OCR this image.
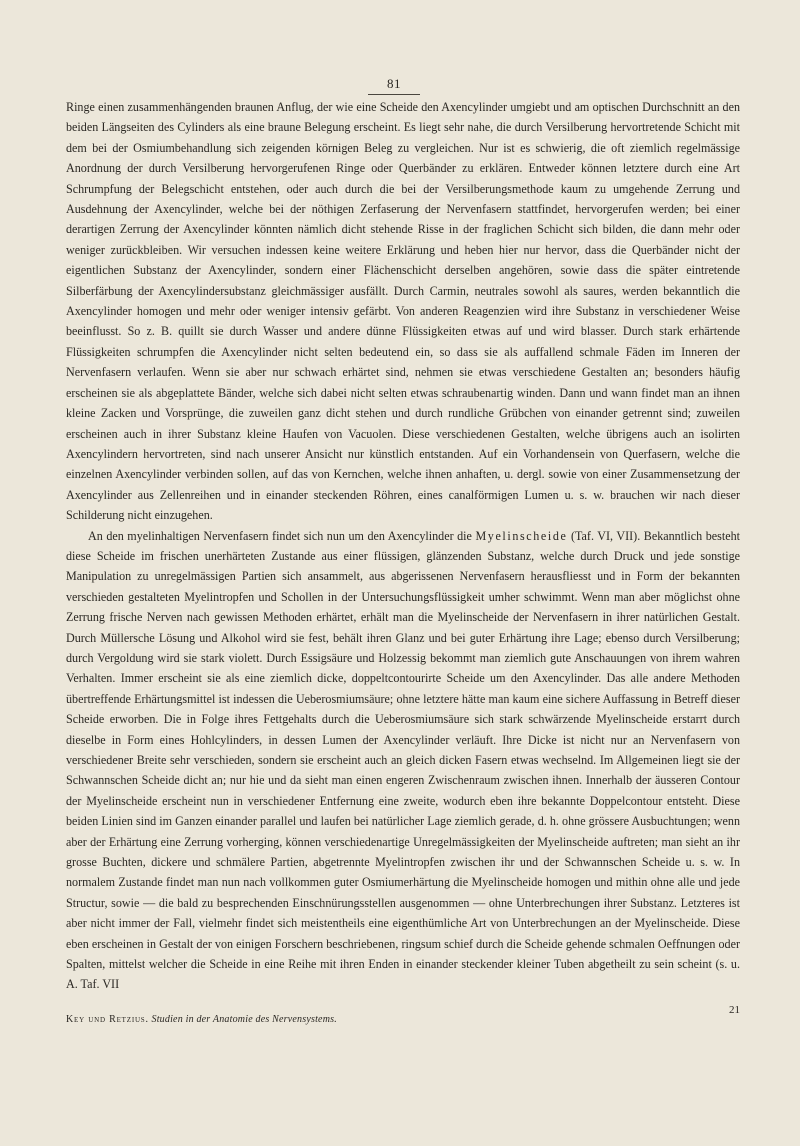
81

Ringe einen zusammenhängenden braunen Anflug, der wie eine Scheide den Axencylinder umgiebt und am optischen Durchschnitt an den beiden Längseiten des Cylinders als eine braune Belegung erscheint. Es liegt sehr nahe, die durch Versilberung hervortretende Schicht mit dem bei der Osmiumbehandlung sich zeigenden körnigen Beleg zu vergleichen. Nur ist es schwierig, die oft ziemlich regelmässige Anordnung der durch Versilberung hervorgerufenen Ringe oder Querbänder zu erklären. Entweder können letztere durch eine Art Schrumpfung der Belegschicht entstehen, oder auch durch die bei der Versilberungsmethode kaum zu umgehende Zerrung und Ausdehnung der Axencylinder, welche bei der nöthigen Zerfaserung der Nervenfasern stattfindet, hervorgerufen werden; bei einer derartigen Zerrung der Axencylinder könnten nämlich dicht stehende Risse in der fraglichen Schicht sich bilden, die dann mehr oder weniger zurückbleiben. Wir versuchen indessen keine weitere Erklärung und heben hier nur hervor, dass die Querbänder nicht der eigentlichen Substanz der Axencylinder, sondern einer Flächenschicht derselben angehören, sowie dass die später eintretende Silberfärbung der Axencylindersubstanz gleichmässiger ausfällt. Durch Carmin, neutrales sowohl als saures, werden bekanntlich die Axencylinder homogen und mehr oder weniger intensiv gefärbt. Von anderen Reagenzien wird ihre Substanz in verschiedener Weise beeinflusst. So z. B. quillt sie durch Wasser und andere dünne Flüssigkeiten etwas auf und wird blasser. Durch stark erhärtende Flüssigkeiten schrumpfen die Axencylinder nicht selten bedeutend ein, so dass sie als auffallend schmale Fäden im Inneren der Nervenfasern verlaufen. Wenn sie aber nur schwach erhärtet sind, nehmen sie etwas verschiedene Gestalten an; besonders häufig erscheinen sie als abgeplattete Bänder, welche sich dabei nicht selten etwas schraubenartig winden. Dann und wann findet man an ihnen kleine Zacken und Vorsprünge, die zuweilen ganz dicht stehen und durch rundliche Grübchen von einander getrennt sind; zuweilen erscheinen auch in ihrer Substanz kleine Haufen von Vacuolen. Diese verschiedenen Gestalten, welche übrigens auch an isolirten Axencylindern hervortreten, sind nach unserer Ansicht nur künstlich entstanden. Auf ein Vorhandensein von Querfasern, welche die einzelnen Axencylinder verbinden sollen, auf das von Kernchen, welche ihnen anhaften, u. dergl. sowie von einer Zusammensetzung der Axencylinder aus Zellenreihen und in einander steckenden Röhren, eines canalförmigen Lumen u. s. w. brauchen wir nach dieser Schilderung nicht einzugehen.

An den myelinhaltigen Nervenfasern findet sich nun um den Axencylinder die Myelinscheide (Taf. VI, VII). Bekanntlich besteht diese Scheide im frischen unerhärteten Zustande aus einer flüssigen, glänzenden Substanz, welche durch Druck und jede sonstige Manipulation zu unregelmässigen Partien sich ansammelt, aus abgerissenen Nervenfasern herausfliesst und in Form der bekannten verschieden gestalteten Myelintropfen und Schollen in der Untersuchungsflüssigkeit umher schwimmt. Wenn man aber möglichst ohne Zerrung frische Nerven nach gewissen Methoden erhärtet, erhält man die Myelinscheide der Nervenfasern in ihrer natürlichen Gestalt. Durch Müllersche Lösung und Alkohol wird sie fest, behält ihren Glanz und bei guter Erhärtung ihre Lage; ebenso durch Versilberung; durch Vergoldung wird sie stark violett. Durch Essigsäure und Holzessig bekommt man ziemlich gute Anschauungen von ihrem wahren Verhalten. Immer erscheint sie als eine ziemlich dicke, doppeltcontourirte Scheide um den Axencylinder. Das alle andere Methoden übertreffende Erhärtungsmittel ist indessen die Ueberosmiumsäure; ohne letztere hätte man kaum eine sichere Auffassung in Betreff dieser Scheide erworben. Die in Folge ihres Fettgehalts durch die Ueberosmiumsäure sich stark schwärzende Myelinscheide erstarrt durch dieselbe in Form eines Hohlcylinders, in dessen Lumen der Axencylinder verläuft. Ihre Dicke ist nicht nur an Nervenfasern von verschiedener Breite sehr verschieden, sondern sie erscheint auch an gleich dicken Fasern etwas wechselnd. Im Allgemeinen liegt sie der Schwannschen Scheide dicht an; nur hie und da sieht man einen engeren Zwischenraum zwischen ihnen. Innerhalb der äusseren Contour der Myelinscheide erscheint nun in verschiedener Entfernung eine zweite, wodurch eben ihre bekannte Doppelcontour entsteht. Diese beiden Linien sind im Ganzen einander parallel und laufen bei natürlicher Lage ziemlich gerade, d. h. ohne grössere Ausbuchtungen; wenn aber der Erhärtung eine Zerrung vorherging, können verschiedenartige Unregelmässigkeiten der Myelinscheide auftreten; man sieht an ihr grosse Buchten, dickere und schmälere Partien, abgetrennte Myelintropfen zwischen ihr und der Schwannschen Scheide u. s. w. In normalem Zustande findet man nun nach vollkommen guter Osmiumerhärtung die Myelinscheide homogen und mithin ohne alle und jede Structur, sowie — die bald zu besprechenden Einschnürungsstellen ausgenommen — ohne Unterbrechungen ihrer Substanz. Letzteres ist aber nicht immer der Fall, vielmehr findet sich meistentheils eine eigenthümliche Art von Unterbrechungen an der Myelinscheide. Diese eben erscheinen in Gestalt der von einigen Forschern beschriebenen, ringsum schief durch die Scheide gehende schmalen Oeffnungen oder Spalten, mittelst welcher die Scheide in eine Reihe mit ihren Enden in einander steckender kleiner Tuben abgetheilt zu sein scheint (s. u. A. Taf. VII

Key und Retzius. Studien in der Anatomie des Nervensystems.
21
